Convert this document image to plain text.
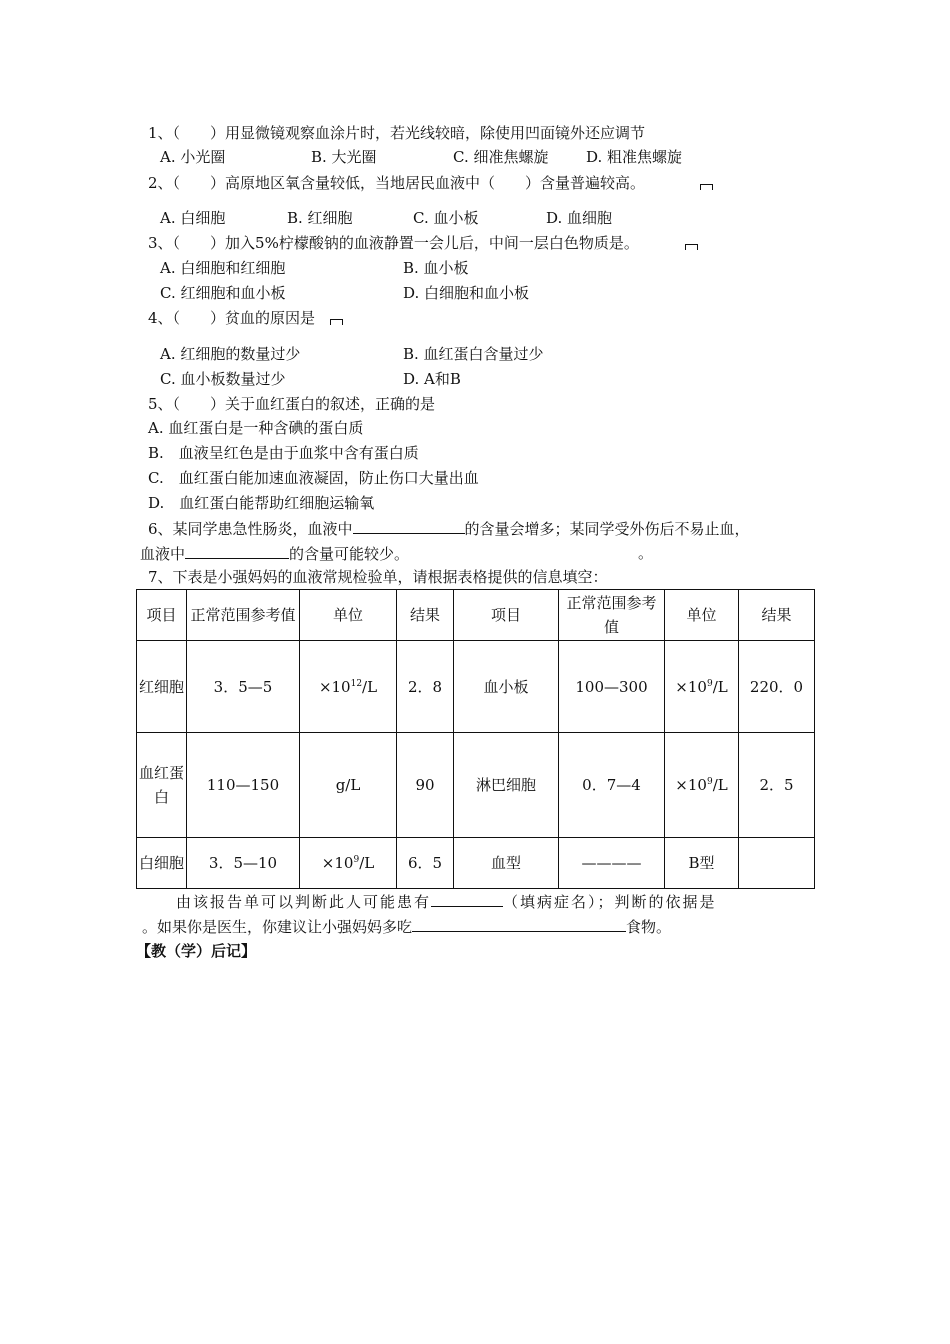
1、（　　）用显微镜观察血涂片时，若光线较暗，除使用凹面镜外还应调节
A. 小光圈	B. 大光圈	C. 细准焦螺旋	D. 粗准焦螺旋
2、（　　）高原地区氧含量较低，当地居民血液中（　　）含量普遍较高。
A. 白细胞	B. 红细胞	C. 血小板	D. 血细胞
3、（　　）加入5%柠檬酸钠的血液静置一会儿后，中间一层白色物质是。
A. 白细胞和红细胞	B. 血小板
C. 红细胞和血小板	D. 白细胞和血小板
4、（　　）贫血的原因是
A. 红细胞的数量过少	B. 血红蛋白含量过少
C. 血小板数量过少	D. A和B
5、（　　）关于血红蛋白的叙述，正确的是
A. 血红蛋白是一种含碘的蛋白质
B.　血液呈红色是由于血浆中含有蛋白质
C.　血红蛋白能加速血液凝固，防止伤口大量出血
D.　血红蛋白能帮助红细胞运输氧
6、某同学患急性肠炎，血液中	的含量会增多；某同学受外伤后不易止血，
血液中	的含量可能较少。	。
7、下表是小强妈妈的血液常规检验单，请根据表格提供的信息填空：
项目	正常范围参考值	单位	结果	项目	正常范围参考值	单位	结果
红细胞	3．5—5	$\times 10^{12}/L$	2．8	血小板	100—300	$\times 10^9/L$	220．0
血红蛋白	110—150	g/L	90	淋巴细胞	0．7—4	$\times 10^9/L$	2．5
白细胞	3．5—10	$\times 10^9/L$	6．5	血型	————	B型	
由该报告单可以判断此人可能患有	（填病症名）；判断的依据是
。如果你是医生，你建议让小强妈妈多吃	食物。
【教（学）后记】
